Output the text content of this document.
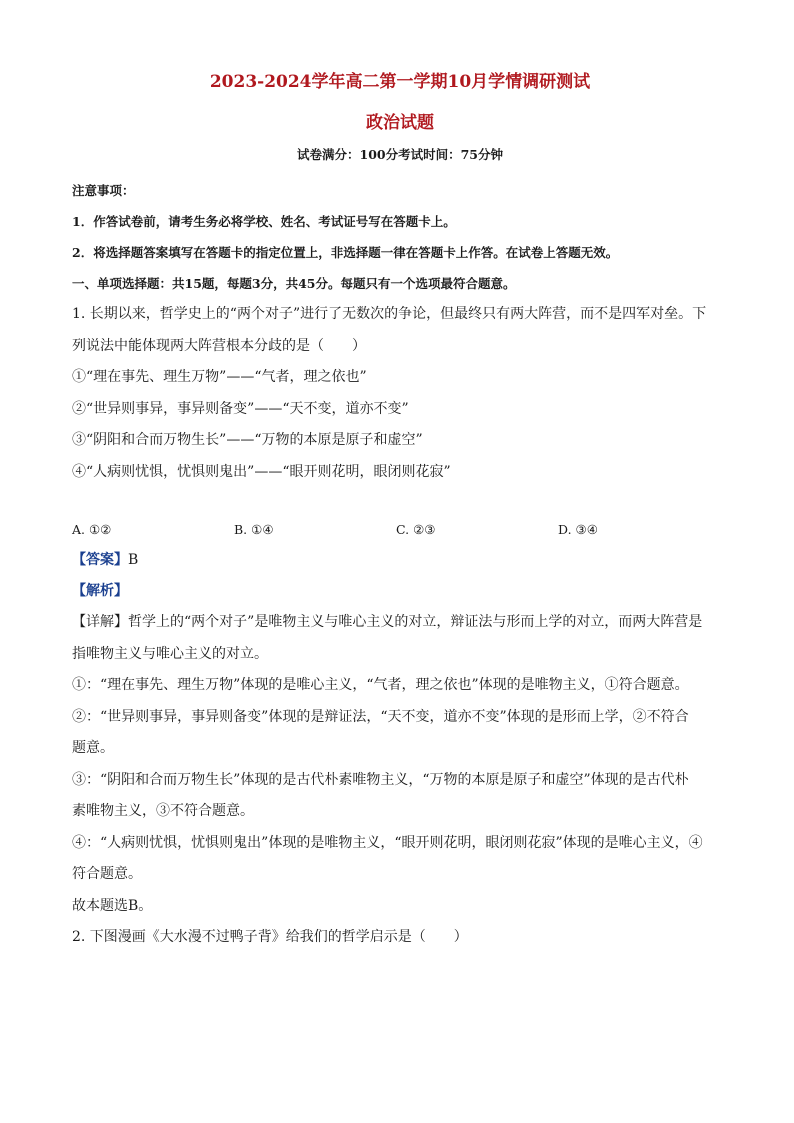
2023-2024学年高二第一学期10月学情调研测试
政治试题

试卷满分：100分考试时间：75分钟

注意事项：

1．作答试卷前，请考生务必将学校、姓名、考试证号写在答题卡上。

2．将选择题答案填写在答题卡的指定位置上，非选择题一律在答题卡上作答。在试卷上答题无效。

一、单项选择题：共15题，每题3分，共45分。每题只有一个选项最符合题意。

1. 长期以来，哲学史上的“两个对子”进行了无数次的争论，但最终只有两大阵营，而不是四军对垒。下

列说法中能体现两大阵营根本分歧的是（　　）

①“理在事先、理生万物”——“气者，理之依也”

②“世异则事异，事异则备变”——“天不变，道亦不变”

③“阴阳和合而万物生长”——“万物的本原是原子和虚空”

④“人病则忧惧，忧惧则鬼出”——“眼开则花明，眼闭则花寂”

A. ①②	B. ①④	C. ②③	D. ③④
【答案】B
【解析】

【详解】哲学上的“两个对子”是唯物主义与唯心主义的对立，辩证法与形而上学的对立，而两大阵营是

指唯物主义与唯心主义的对立。

①：“理在事先、理生万物”体现的是唯心主义，“气者，理之依也”体现的是唯物主义，①符合题意。

②：“世异则事异，事异则备变”体现的是辩证法，“天不变，道亦不变”体现的是形而上学，②不符合

题意。

③：“阴阳和合而万物生长”体现的是古代朴素唯物主义，“万物的本原是原子和虚空”体现的是古代朴

素唯物主义，③不符合题意。

④：“人病则忧惧，忧惧则鬼出”体现的是唯物主义，“眼开则花明，眼闭则花寂”体现的是唯心主义，④

符合题意。

故本题选B。

2. 下图漫画《大水漫不过鸭子背》给我们的哲学启示是（　　）
